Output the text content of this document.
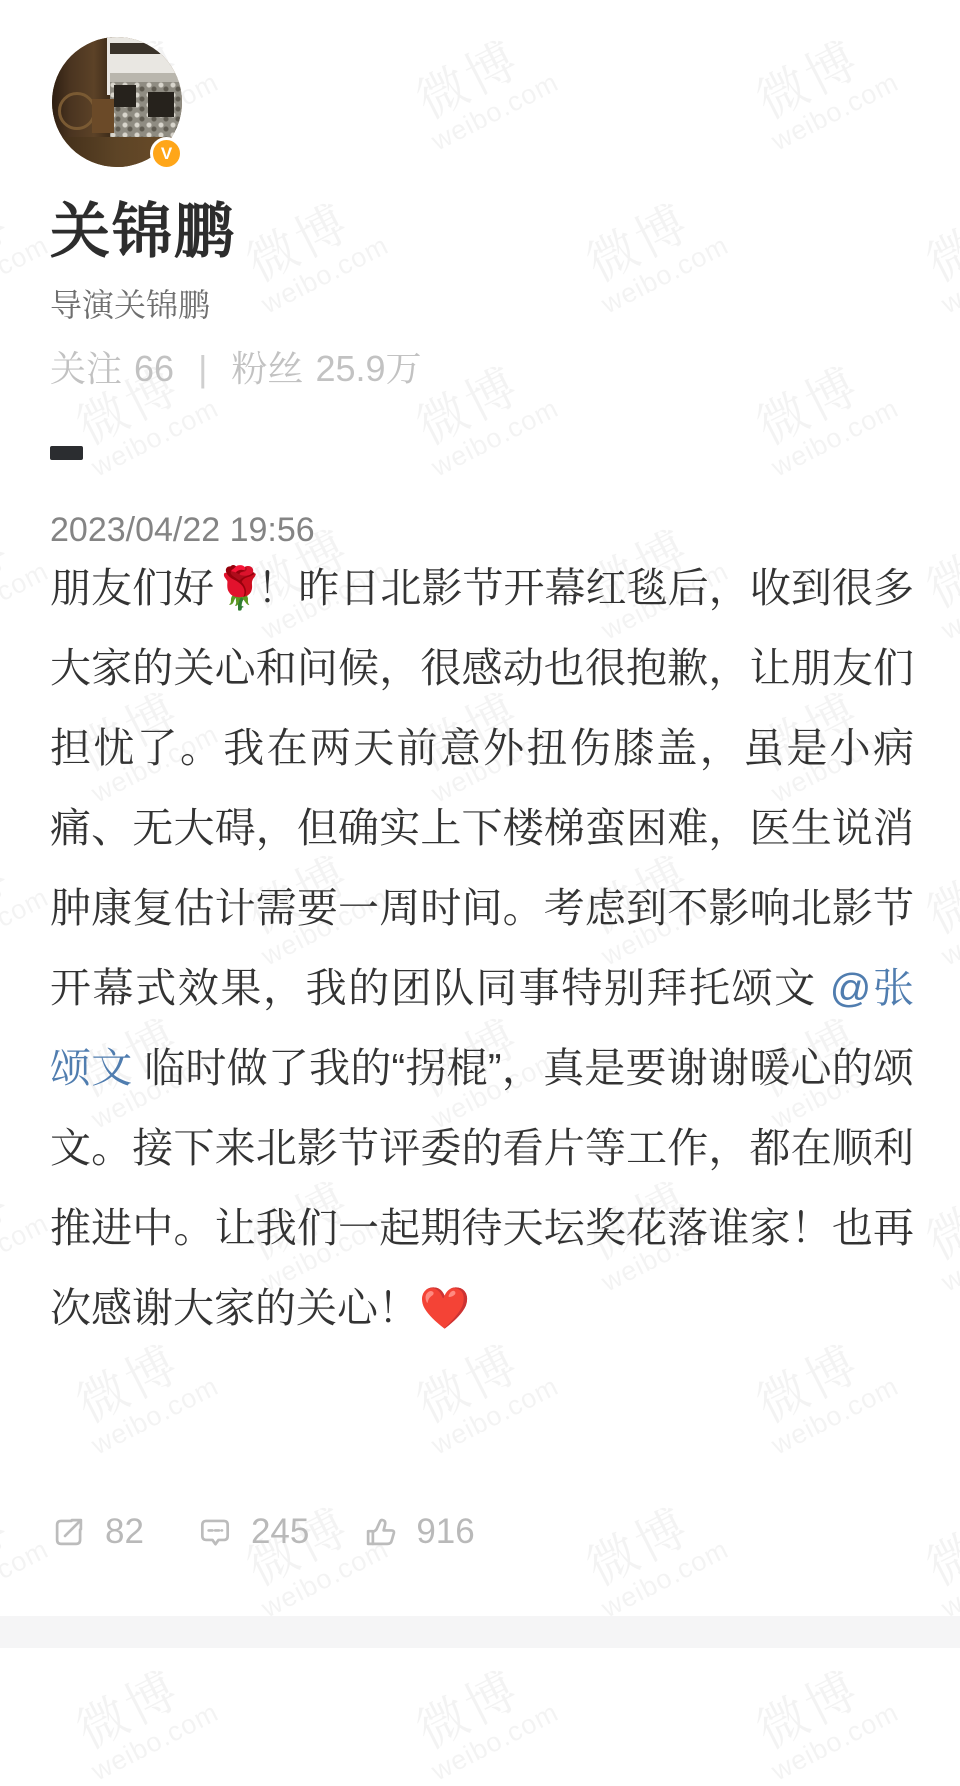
V
关锦鹏
导演关锦鹏
关注 66 | 粉丝 25.9万
2023/04/22 19:56
朋友们好🌹！昨日北影节开幕红毯后，收到很多大家的关心和问候，很感动也很抱歉，让朋友们担忧了。我在两天前意外扭伤膝盖，虽是小病痛、无大碍，但确实上下楼梯蛮困难，医生说消肿康复估计需要一周时间。考虑到不影响北影节开幕式效果，我的团队同事特别拜托颂文 @张颂文 临时做了我的“拐棍”，真是要谢谢暖心的颂文。接下来北影节评委的看片等工作，都在顺利推进中。让我们一起期待天坛奖花落谁家！也再次感谢大家的关心！❤️
82	245	916
